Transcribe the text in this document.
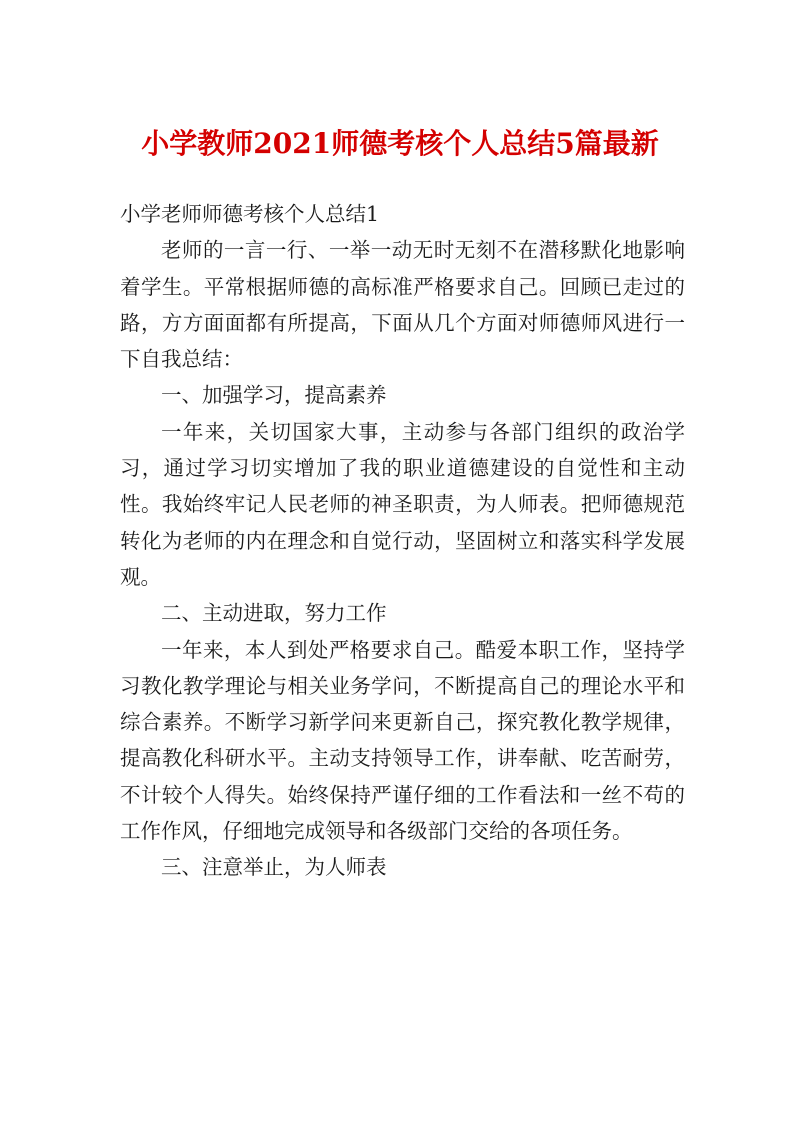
小学教师2021师德考核个人总结5篇最新

小学老师师德考核个人总结1

老师的一言一行、一举一动无时无刻不在潜移默化地影响着学生。平常根据师德的高标准严格要求自己。回顾已走过的路，方方面面都有所提高，下面从几个方面对师德师风进行一下自我总结：

一、加强学习，提高素养

一年来，关切国家大事，主动参与各部门组织的政治学习，通过学习切实增加了我的职业道德建设的自觉性和主动性。我始终牢记人民老师的神圣职责，为人师表。把师德规范转化为老师的内在理念和自觉行动，坚固树立和落实科学发展观。

二、主动进取，努力工作

一年来，本人到处严格要求自己。酷爱本职工作，坚持学习教化教学理论与相关业务学问，不断提高自己的理论水平和综合素养。不断学习新学问来更新自己，探究教化教学规律，提高教化科研水平。主动支持领导工作，讲奉献、吃苦耐劳，不计较个人得失。始终保持严谨仔细的工作看法和一丝不苟的工作作风，仔细地完成领导和各级部门交给的各项任务。

三、注意举止，为人师表
